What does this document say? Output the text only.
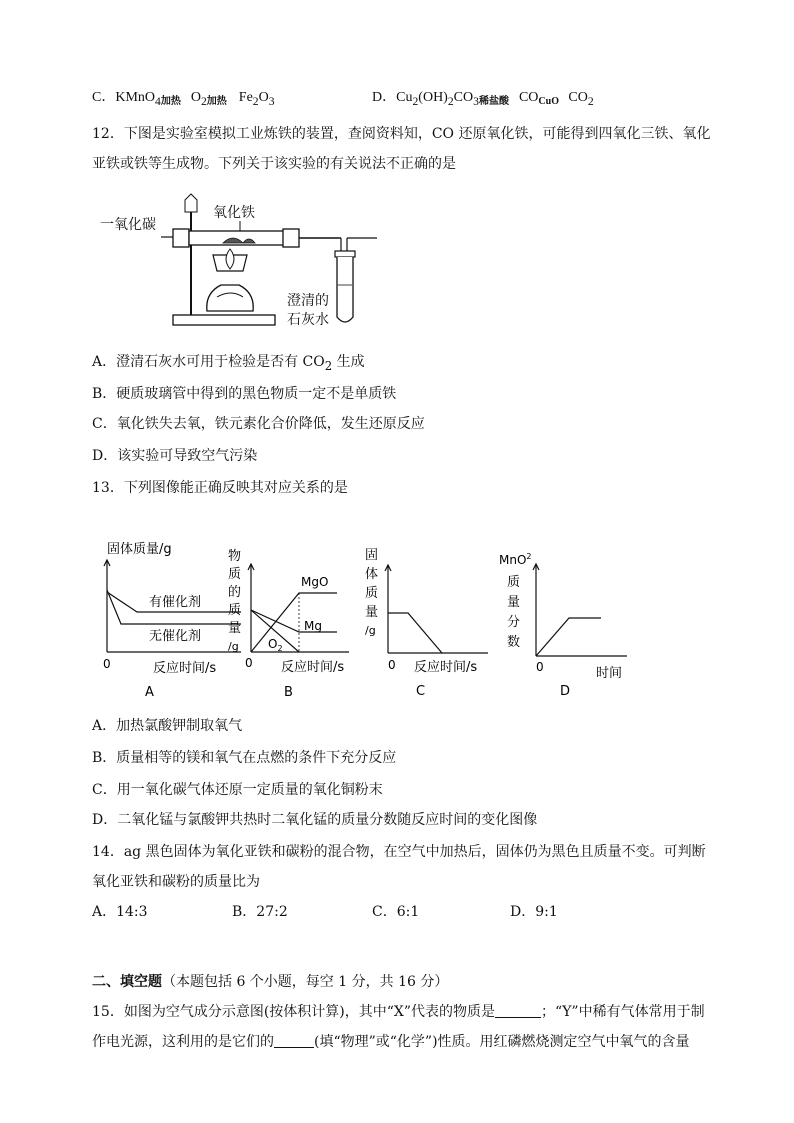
C．KMnO$_4$ 加热 $O_2$ 加热 $Fe_2O_3$	D．$Cu_2(OH)_2CO_3$ 稀盐酸 CO CuO $CO_2$
12．下图是实验室模拟工业炼铁的装置，查阅资料知，CO 还原氧化铁，可能得到四氧化三铁、氧化
亚铁或铁等生成物。下列关于该实验的有关说法不正确的是
一氧化碳
氧化铁
澄清的
石灰水
A．澄清石灰水可用于检验是否有 $CO_2$ 生成
B．硬质玻璃管中得到的黑色物质一定不是单质铁
C．氧化铁失去氧，铁元素化合价降低，发生还原反应
D．该实验可导致空气污染
13．下列图像能正确反映其对应关系的是
固体质量/g
0	反应时间/s
有催化剂
无催化剂
A
物
质
的
质
量
/g
0 反应时间/s
MgO
Mg
$O_2$
B
固
体
质
量
/g
0 反应时间/s
C
MnO$^2$
质
量
分
数
0	时间
D
A．加热氯酸钾制取氧气
B．质量相等的镁和氧气在点燃的条件下充分反应
C．用一氧化碳气体还原一定质量的氧化铜粉末
D．二氧化锰与氯酸钾共热时二氧化锰的质量分数随反应时间的变化图像
14．ag 黑色固体为氧化亚铁和碳粉的混合物，在空气中加热后，固体仍为黑色且质量不变。可判断
氧化亚铁和碳粉的质量比为
A．14:3	B．27:2	C．6:1	D．9:1
二、填空题（本题包括 6 个小题，每空 1 分，共 16 分）
15．如图为空气成分示意图(按体积计算)，其中“X”代表的物质是	；“Y”中稀有气体常用于制
作电光源，这利用的是它们的	(填“物理”或“化学”)性质。用红磷燃烧测定空气中氧气的含量
